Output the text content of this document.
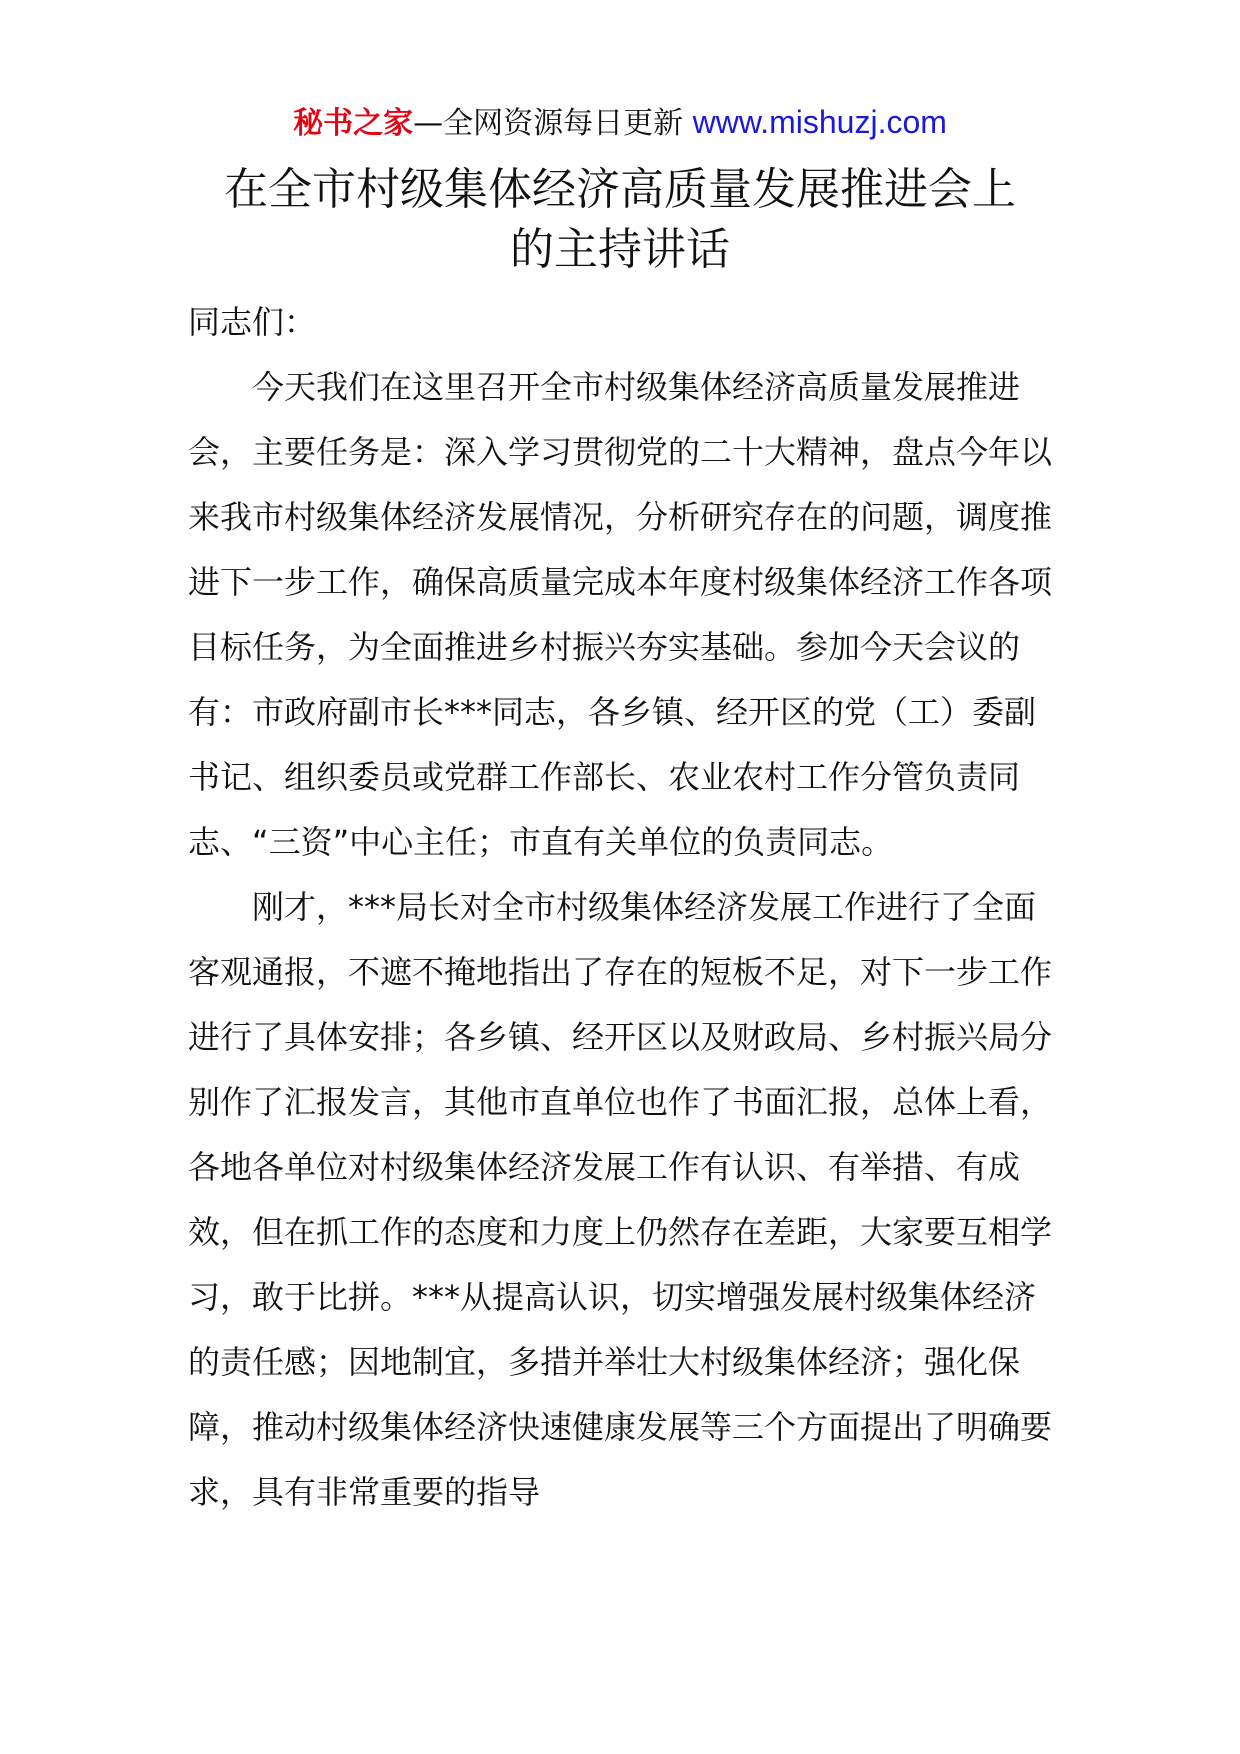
秘书之家—全网资源每日更新 www.mishuzj.com
在全市村级集体经济高质量发展推进会上
的主持讲话

同志们：

今天我们在这里召开全市村级集体经济高质量发展推进会，主要任务是：深入学习贯彻党的二十大精神，盘点今年以来我市村级集体经济发展情况，分析研究存在的问题，调度推进下一步工作，确保高质量完成本年度村级集体经济工作各项目标任务，为全面推进乡村振兴夯实基础。参加今天会议的有：市政府副市长***同志，各乡镇、经开区的党（工）委副书记、组织委员或党群工作部长、农业农村工作分管负责同志、“三资”中心主任；市直有关单位的负责同志。

刚才，***局长对全市村级集体经济发展工作进行了全面客观通报，不遮不掩地指出了存在的短板不足，对下一步工作进行了具体安排；各乡镇、经开区以及财政局、乡村振兴局分别作了汇报发言，其他市直单位也作了书面汇报，总体上看，各地各单位对村级集体经济发展工作有认识、有举措、有成效，但在抓工作的态度和力度上仍然存在差距，大家要互相学习，敢于比拼。***从提高认识，切实增强发展村级集体经济的责任感；因地制宜，多措并举壮大村级集体经济；强化保障，推动村级集体经济快速健康发展等三个方面提出了明确要求，具有非常重要的指导
